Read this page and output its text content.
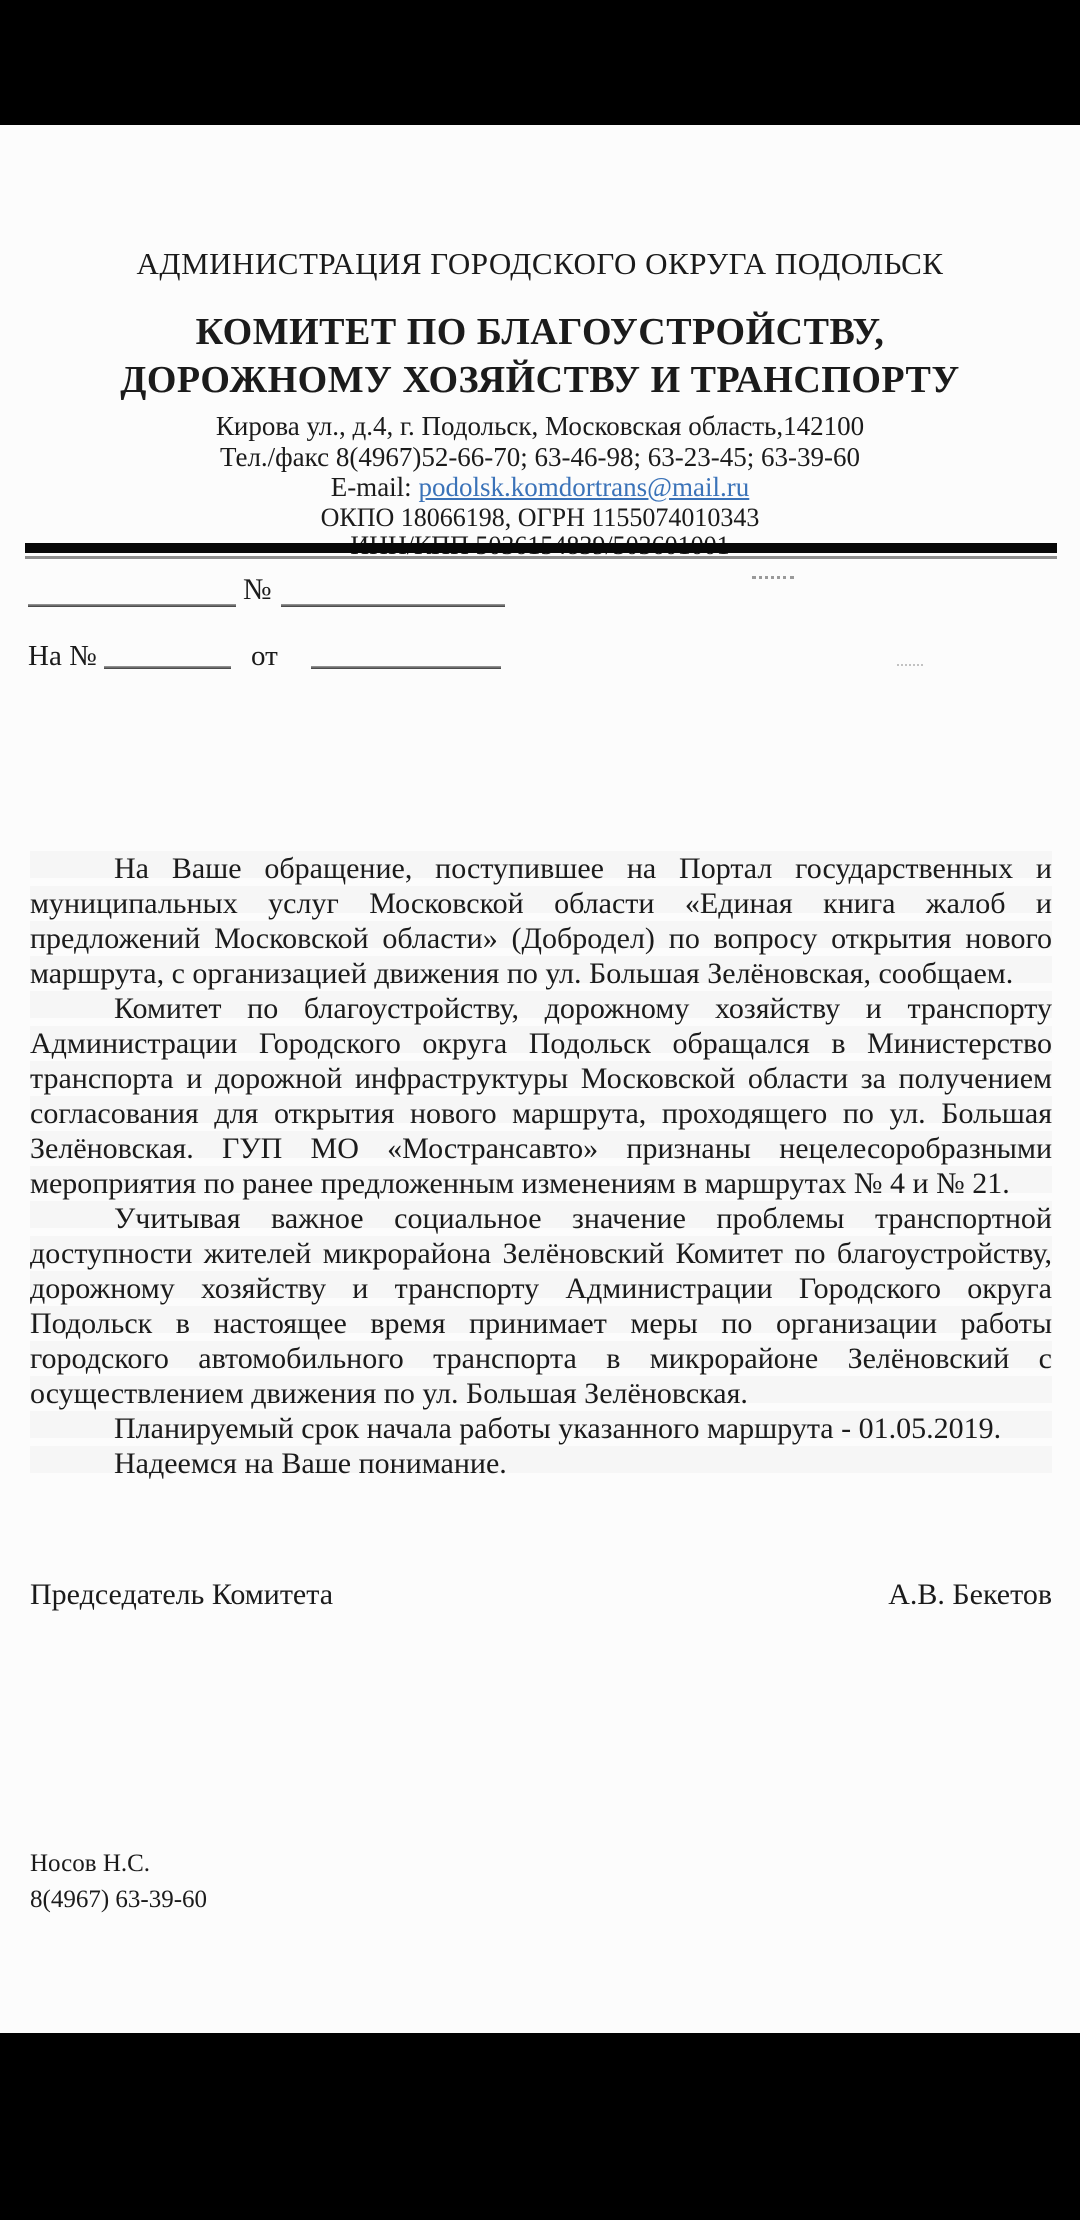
АДМИНИСТРАЦИЯ ГОРОДСКОГО ОКРУГА ПОДОЛЬСК
КОМИТЕТ ПО БЛАГОУСТРОЙСТВУ,
ДОРОЖНОМУ ХОЗЯЙСТВУ И ТРАНСПОРТУ
Кирова ул., д.4, г. Подольск, Московская область,142100
Тел./факс 8(4967)52-66-70; 63-46-98; 63-23-45; 63-39-60
E-mail: podolsk.komdortrans@mail.ru
ОКПО 18066198, ОГРН 1155074010343
№
На №	от

На Ваше обращение, поступившее на Портал государственных и муниципальных услуг Московской области «Единая книга жалоб и предложений Московской области» (Добродел) по вопросу открытия нового маршрута, с организацией движения по ул. Большая Зелёновская, сообщаем.

Комитет по благоустройству, дорожному хозяйству и транспорту Администрации Городского округа Подольск обращался в Министерство транспорта и дорожной инфраструктуры Московской области за получением согласования для открытия нового маршрута, проходящего по ул. Большая Зелёновская. ГУП МО «Мострансавто» признаны нецелесоробразными мероприятия по ранее предложенным изменениям в маршрутах № 4 и № 21.

Учитывая важное социальное значение проблемы транспортной доступности жителей микрорайона Зелёновский Комитет по благоустройству, дорожному хозяйству и транспорту Администрации Городского округа Подольск в настоящее время принимает меры по организации работы городского автомобильного транспорта в микрорайоне Зелёновский с осуществлением движения по ул. Большая Зелёновская.

Планируемый срок начала работы указанного маршрута - 01.05.2019.

Надеемся на Ваше понимание.

Председатель Комитета	А.В. Бекетов
Носов Н.С.
8(4967) 63-39-60
